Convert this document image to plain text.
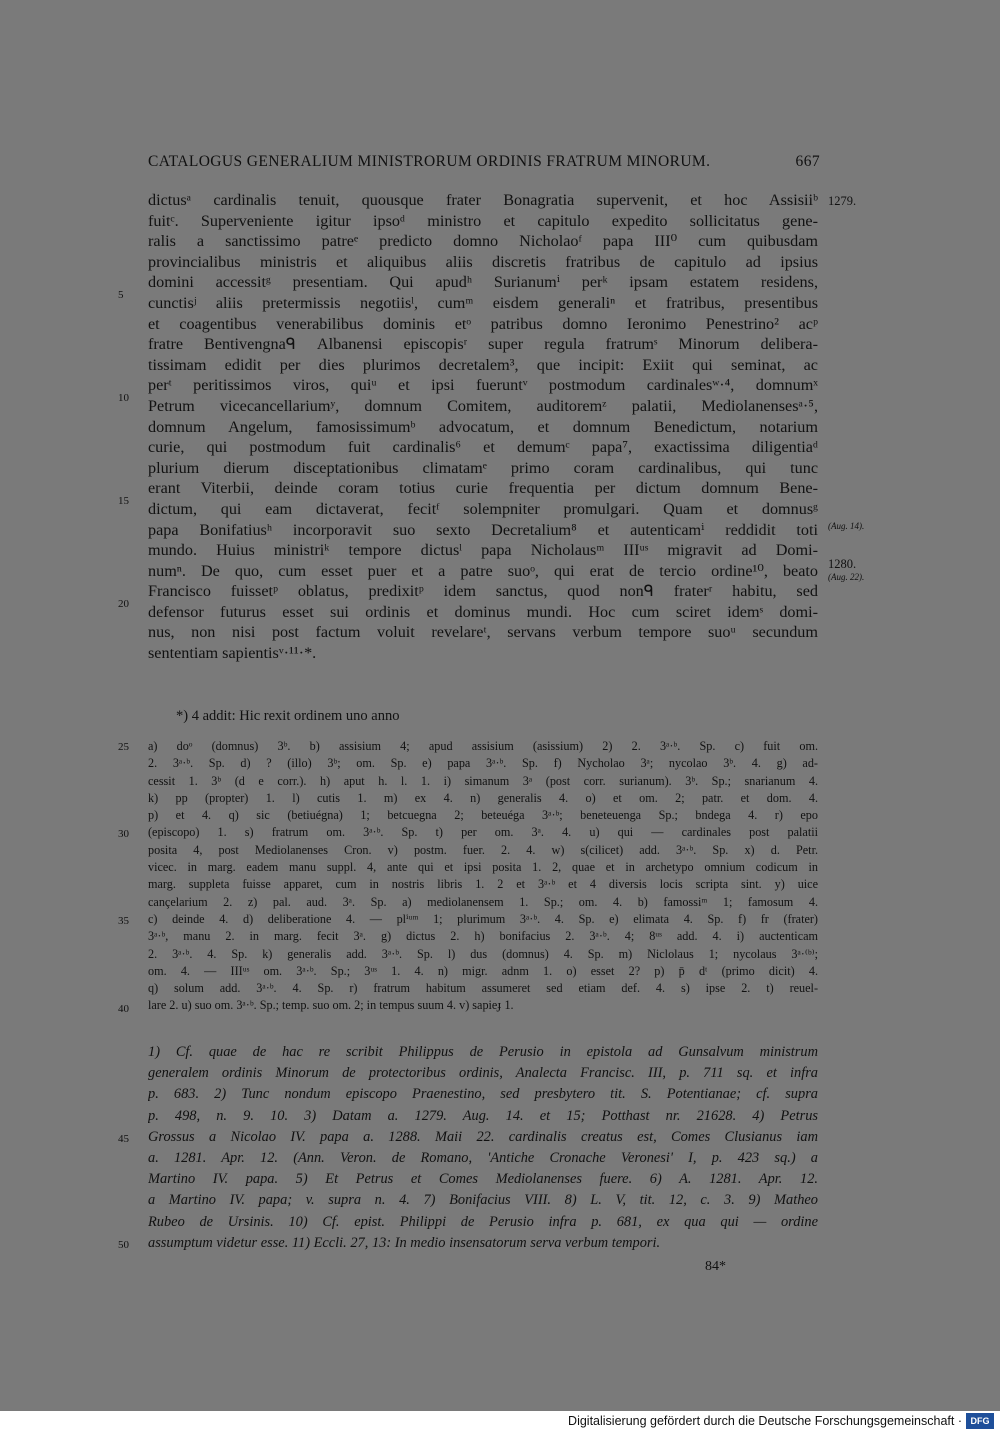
CATALOGUS GENERALIUM MINISTRORUM ORDINIS FRATRUM MINORUM.	667
dictusᵃ cardinalis tenuit, quousque frater Bonagratia supervenit, et hoc Assisiiᵇ
fuitᶜ. Superveniente igitur ipsoᵈ ministro et capitulo expedito sollicitatus gene-
ralis a sanctissimo patreᵉ predicto domno Nicholaoᶠ papa III⁰ cum quibusdam
provincialibus ministris et aliquibus aliis discretis fratribus de capitulo ad ipsius
domini accessitᵍ presentiam. Qui apudʰ Surianumⁱ perᵏ ipsam estatem residens,
cunctisʲ aliis pretermissis negotiisˡ, cumᵐ eisdem generaliⁿ et fratribus, presentibus
et coagentibus venerabilibus dominis etᵒ patribus domno Ieronimo Penestrino² acᵖ
fratre Bentivengnaᑫ Albanensi episcopisʳ super regula fratrumˢ Minorum delibera-
tissimam edidit per dies plurimos decretalem³, que incipit: Exiit qui seminat, ac
perᵗ peritissimos viros, quiᵘ et ipsi fueruntᵛ postmodum cardinalesʷ·⁴, domnumˣ
Petrum vicecancellariumʸ, domnum Comitem, auditoremᶻ palatii, Mediolanensesᵃ·⁵,
domnum Angelum, famosissimumᵇ advocatum, et domnum Benedictum, notarium
curie, qui postmodum fuit cardinalis⁶ et demumᶜ papa⁷, exactissima diligentiaᵈ
plurium dierum disceptationibus climatamᵉ primo coram cardinalibus, qui tunc
erant Viterbii, deinde coram totius curie frequentia per dictum domnum Bene-
dictum, qui eam dictaverat, fecitᶠ solempniter promulgari. Quam et domnusᵍ
papa Bonifatiusʰ incorporavit suo sexto Decretalium⁸ et autenticamⁱ reddidit toti
mundo. Huius ministriᵏ tempore dictusˡ papa Nicholausᵐ IIIᵘˢ migravit ad Domi-
numⁿ. De quo, cum esset puer et a patre suoᵒ, qui erat de tercio ordine¹⁰, beato
Francisco fuissetᵖ oblatus, predixitᵖ idem sanctus, quod nonᑫ fraterʳ habitu, sed
defensor futurus esset sui ordinis et dominus mundi. Hoc cum sciret idemˢ domi-
nus, non nisi post factum voluit revelareᵗ, servans verbum tempore suoᵘ secundum
sententiam sapientisᵛ·¹¹·*.
5
10
15
20
1279.
(Aug. 14).
1280.
(Aug. 22).
*) 4 addit: Hic rexit ordinem uno anno
a) doᵒ (domnus) 3ᵇ. b) assisium 4; apud assisium (asissium) 2) 2. 3ᵃ·ᵇ. Sp. c) fuit om.
2. 3ᵃ·ᵇ. Sp. d) ? (illo) 3ᵇ; om. Sp. e) papa 3ᵃ·ᵇ. Sp. f) Nycholao 3ᵃ; nycolao 3ᵇ. 4. g) ad-
cessit 1. 3ᵇ (d e corr.). h) aput h. l. 1. i) simanum 3ᵃ (post corr. surianum). 3ᵇ. Sp.; snarianum 4.
k) pp (propter) 1. l) cutis 1. m) ex 4. n) generalis 4. o) et om. 2; patr. et dom. 4.
p) et 4. q) sic (betiuégna) 1; betcuegna 2; beteuéga 3ᵃ·ᵇ; beneteuenga Sp.; bndega 4. r) epo
(episcopo) 1. s) fratrum om. 3ᵃ·ᵇ. Sp. t) per om. 3ᵃ. 4. u) qui — cardinales post palatii
posita 4, post Mediolanenses Cron. v) postm. fuer. 2. 4. w) s(cilicet) add. 3ᵃ·ᵇ. Sp. x) d. Petr.
vicec. in marg. eadem manu suppl. 4, ante qui et ipsi posita 1. 2, quae et in archetypo omnium codicum in
marg. suppleta fuisse apparet, cum in nostris libris 1. 2 et 3ᵃ·ᵇ et 4 diversis locis scripta sint. y) uice
cançelarium 2. z) pal. aud. 3ᵃ. Sp. a) mediolanensem 1. Sp.; om. 4. b) famossiᵐ 1; famosum 4.
c) deinde 4. d) deliberatione 4. — plⁱᵘᵐ 1; plurimum 3ᵃ·ᵇ. 4. Sp. e) elimata 4. Sp. f) fr (frater)
3ᵃ·ᵇ, manu 2. in marg. fecit 3ᵃ. g) dictus 2. h) bonifacius 2. 3ᵃ·ᵇ. 4; 8ᵘˢ add. 4. i) auctenticam
2. 3ᵃ·ᵇ. 4. Sp. k) generalis add. 3ᵃ·ᵇ. Sp. l) dus (domnus) 4. Sp. m) Niclolaus 1; nycolaus 3ᵃ·⁽ᵇ⁾;
om. 4. — IIIᵘˢ om. 3ᵃ·ᵇ. Sp.; 3ᵘˢ 1. 4. n) migr. adnm 1. o) esset 2? p) p̄ dᵗ (primo dicit) 4.
q) solum add. 3ᵃ·ᵇ. 4. Sp. r) fratrum habitum assumeret sed etiam def. 4. s) ipse 2. t) reuel-
lare 2. u) suo om. 3ᵃ·ᵇ. Sp.; temp. suo om. 2; in tempus suum 4. v) sapieɟ 1.
25
30
35
40
1) Cf. quae de hac re scribit Philippus de Perusio in epistola ad Gunsalvum ministrum
generalem ordinis Minorum de protectoribus ordinis, Analecta Francisc. III, p. 711 sq. et infra
p. 683. 2) Tunc nondum episcopo Praenestino, sed presbytero tit. S. Potentianae; cf. supra
p. 498, n. 9. 10. 3) Datam a. 1279. Aug. 14. et 15; Potthast nr. 21628. 4) Petrus
Grossus a Nicolao IV. papa a. 1288. Maii 22. cardinalis creatus est, Comes Clusianus iam
a. 1281. Apr. 12. (Ann. Veron. de Romano, 'Antiche Cronache Veronesi' I, p. 423 sq.) a
Martino IV. papa. 5) Et Petrus et Comes Mediolanenses fuere. 6) A. 1281. Apr. 12.
a Martino IV. papa; v. supra n. 4. 7) Bonifacius VIII. 8) L. V, tit. 12, c. 3. 9) Matheo
Rubeo de Ursinis. 10) Cf. epist. Philippi de Perusio infra p. 681, ex qua qui — ordine
assumptum videtur esse. 11) Eccli. 27, 13: In medio insensatorum serva verbum tempori.
45
50
84*
Digitalisierung gefördert durch die Deutsche Forschungsgemeinschaft · DFG
